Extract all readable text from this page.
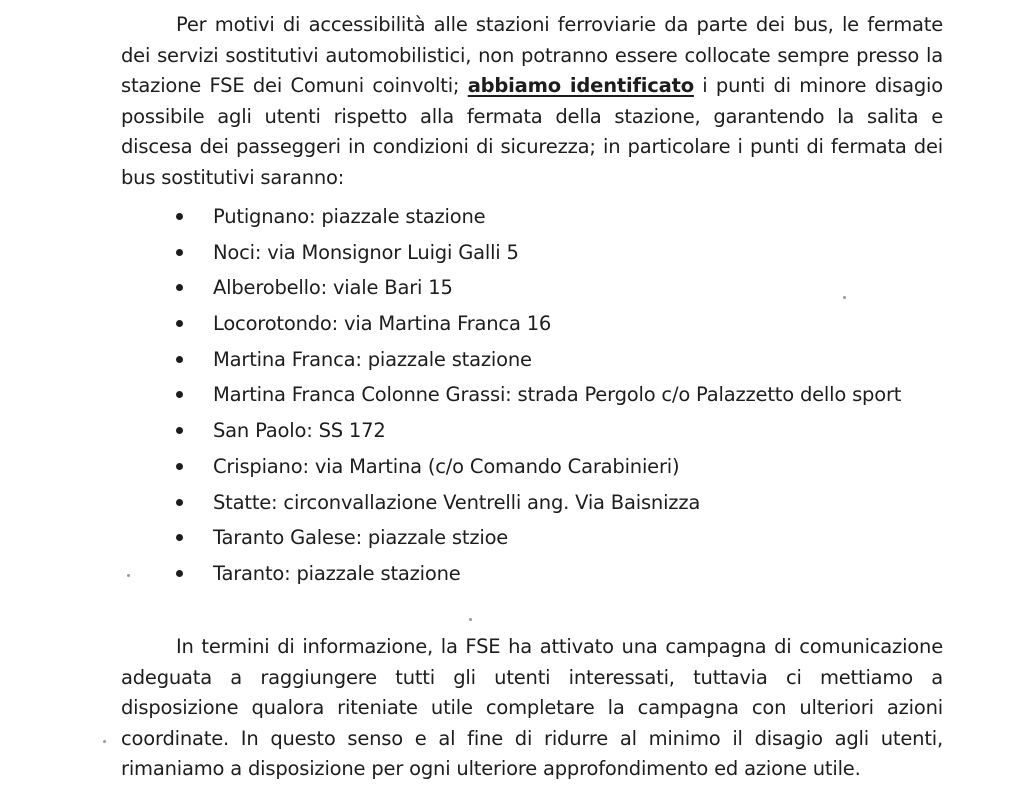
Per motivi di accessibilità alle stazioni ferroviarie da parte dei bus, le fermate dei servizi sostitutivi automobilistici, non potranno essere collocate sempre presso la stazione FSE dei Comuni coinvolti; abbiamo identificato i punti di minore disagio possibile agli utenti rispetto alla fermata della stazione, garantendo la salita e discesa dei passeggeri in condizioni di sicurezza; in particolare i punti di fermata dei bus sostitutivi saranno:

Putignano: piazzale stazione
Noci: via Monsignor Luigi Galli 5
Alberobello: viale Bari 15
Locorotondo: via Martina Franca 16
Martina Franca: piazzale stazione
Martina Franca Colonne Grassi: strada Pergolo c/o Palazzetto dello sport
San Paolo: SS 172
Crispiano: via Martina (c/o Comando Carabinieri)
Statte: circonvallazione Ventrelli ang. Via Baisnizza
Taranto Galese: piazzale stzioe
Taranto: piazzale stazione

In termini di informazione, la FSE ha attivato una campagna di comunicazione adeguata a raggiungere tutti gli utenti interessati, tuttavia ci mettiamo a disposizione qualora riteniate utile completare la campagna con ulteriori azioni coordinate. In questo senso e al fine di ridurre al minimo il disagio agli utenti, rimaniamo a disposizione per ogni ulteriore approfondimento ed azione utile.
